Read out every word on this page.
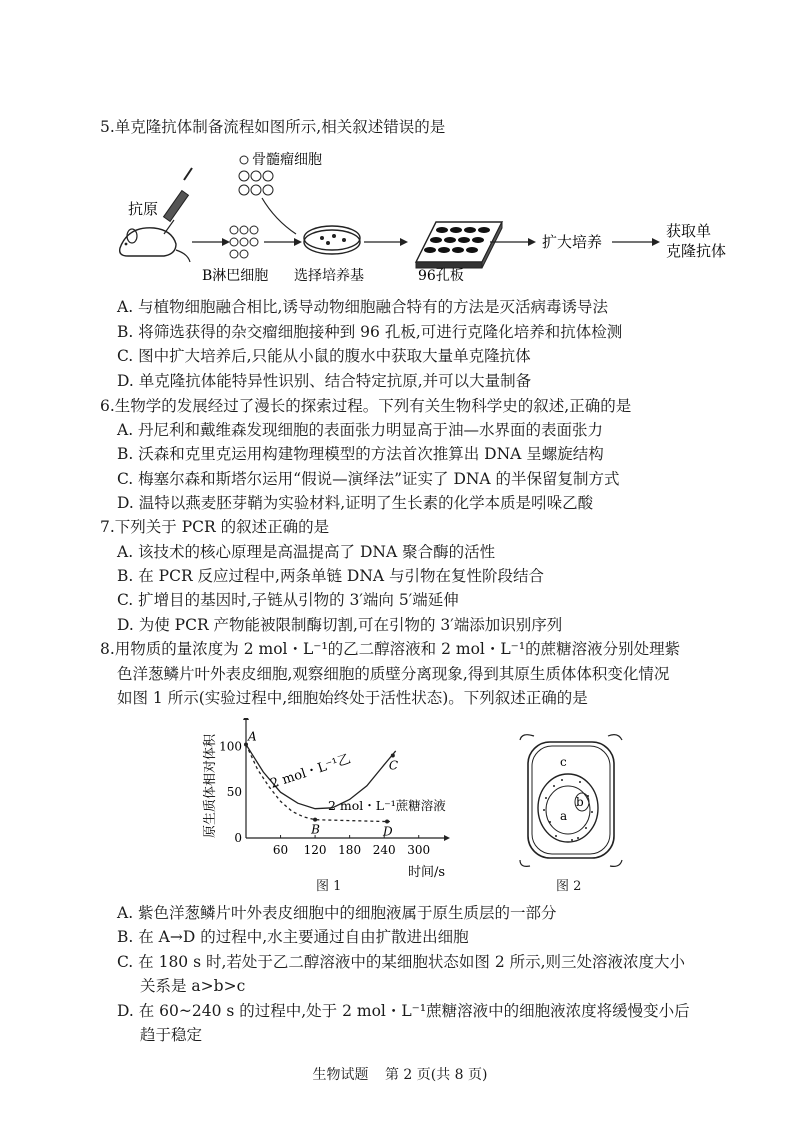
5.单克隆抗体制备流程如图所示,相关叙述错误的是
抗原
B淋巴细胞
骨髓瘤细胞
选择培养基	96孔板
扩大培养
获取单
克隆抗体
A. 与植物细胞融合相比,诱导动物细胞融合特有的方法是灭活病毒诱导法
B. 将筛选获得的杂交瘤细胞接种到 96 孔板,可进行克隆化培养和抗体检测
C. 图中扩大培养后,只能从小鼠的腹水中获取大量单克隆抗体
D. 单克隆抗体能特异性识别、结合特定抗原,并可以大量制备
6.生物学的发展经过了漫长的探索过程。下列有关生物科学史的叙述,正确的是
A. 丹尼利和戴维森发现细胞的表面张力明显高于油—水界面的表面张力
B. 沃森和克里克运用构建物理模型的方法首次推算出 DNA 呈螺旋结构
C. 梅塞尔森和斯塔尔运用“假说—演绎法”证实了 DNA 的半保留复制方式
D. 温特以燕麦胚芽鞘为实验材料,证明了生长素的化学本质是吲哚乙酸
7.下列关于 PCR 的叙述正确的是
A. 该技术的核心原理是高温提高了 DNA 聚合酶的活性
B. 在 PCR 反应过程中,两条单链 DNA 与引物在复性阶段结合
C. 扩增目的基因时,子链从引物的 3′端向 5′端延伸
D. 为使 PCR 产物能被限制酶切割,可在引物的 3′端添加识别序列
8.用物质的量浓度为 2 mol・L⁻¹的乙二醇溶液和 2 mol・L⁻¹的蔗糖溶液分别处理紫
色洋葱鳞片叶外表皮细胞,观察细胞的质壁分离现象,得到其原生质体体积变化情况
如图 1 所示(实验过程中,细胞始终处于活性状态)。下列叙述正确的是
原生质体相对体积
时间/s
60 120 180 240 300
0
50
100
A
B
C
D
2 mol・L⁻¹乙
2 mol・L⁻¹蔗糖溶液
图 1
c
b
a
图 2
A. 紫色洋葱鳞片叶外表皮细胞中的细胞液属于原生质层的一部分
B. 在 A→D 的过程中,水主要通过自由扩散进出细胞
C. 在 180 s 时,若处于乙二醇溶液中的某细胞状态如图 2 所示,则三处溶液浓度大小
关系是 a>b>c
D. 在 60~240 s 的过程中,处于 2 mol・L⁻¹蔗糖溶液中的细胞液浓度将缓慢变小后
趋于稳定
生物试题 第 2 页(共 8 页)
